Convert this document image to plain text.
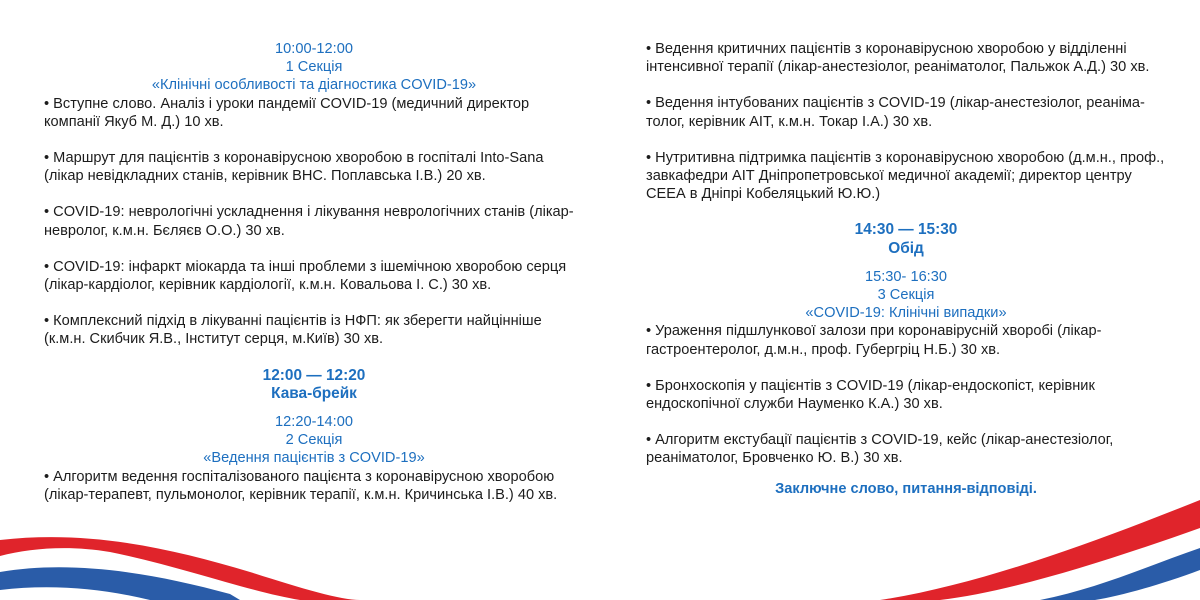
10:00-12:00
1 Секція
«Клінічні особливості та діагностика COVID-19»
• Вступне слово. Аналіз і уроки пандемії COVID-19 (медичний директор компанії Якуб М. Д.) 10 хв.
• Маршрут для пацієнтів з коронавірусною хворобою в госпіталі Into-Sana (лікар невідкладних станів, керівник ВНС. Поплавська І.В.) 20 хв.
• COVID-19: неврологічні ускладнення і лікування неврологічних станів (лікар-невролог, к.м.н. Бєляєв О.О.) 30 хв.
• COVID-19: інфаркт міокарда та інші проблеми з ішемічною хворобою серця (лікар-кардіолог, керівник кардіології, к.м.н. Ковальова І. С.) 30 хв.
• Комплексний підхід в лікуванні пацієнтів із НФП: як зберегти найцінніше (к.м.н. Скибчик Я.В., Інститут серця, м.Київ) 30 хв.
12:00 — 12:20
Кава-брейк
12:20-14:00
2 Секція
«Ведення пацієнтів з COVID-19»
• Алгоритм ведення госпіталізованого пацієнта з коронавірусною хворобою (лікар-терапевт, пульмонолог, керівник терапії, к.м.н. Кричинська І.В.) 40 хв.
• Ведення критичних пацієнтів з коронавірусною хворобою у відділенні інтенсивної терапії (лікар-анестезіолог, реаніматолог, Пальжок А.Д.) 30 хв.
• Ведення інтубованих пацієнтів з COVID-19 (лікар-анестезіолог, реаніма-толог, керівник АІТ, к.м.н. Токар І.А.) 30 хв.
• Нутритивна підтримка пацієнтів з коронавірусною хворобою (д.м.н., проф., завкафедри АІТ Дніпропетровської медичної академії; директор центру СЕЕА в Дніпрі Кобеляцький Ю.Ю.)
14:30 — 15:30
Обід
15:30- 16:30
3 Секція
«COVID-19: Клінічні випадки»
• Ураження підшлункової залози при коронавірусній хворобі (лікар-гастроентеролог, д.м.н., проф. Губергріц Н.Б.) 30 хв.
• Бронхоскопія у пацієнтів з COVID-19 (лікар-ендоскопіст, керівник ендоскопічної служби Науменко К.А.) 30 хв.
• Алгоритм екстубації пацієнтів з COVID-19, кейс (лікар-анестезіолог, реаніматолог, Бровченко Ю. В.) 30 хв.
Заключне слово, питання-відповіді.
